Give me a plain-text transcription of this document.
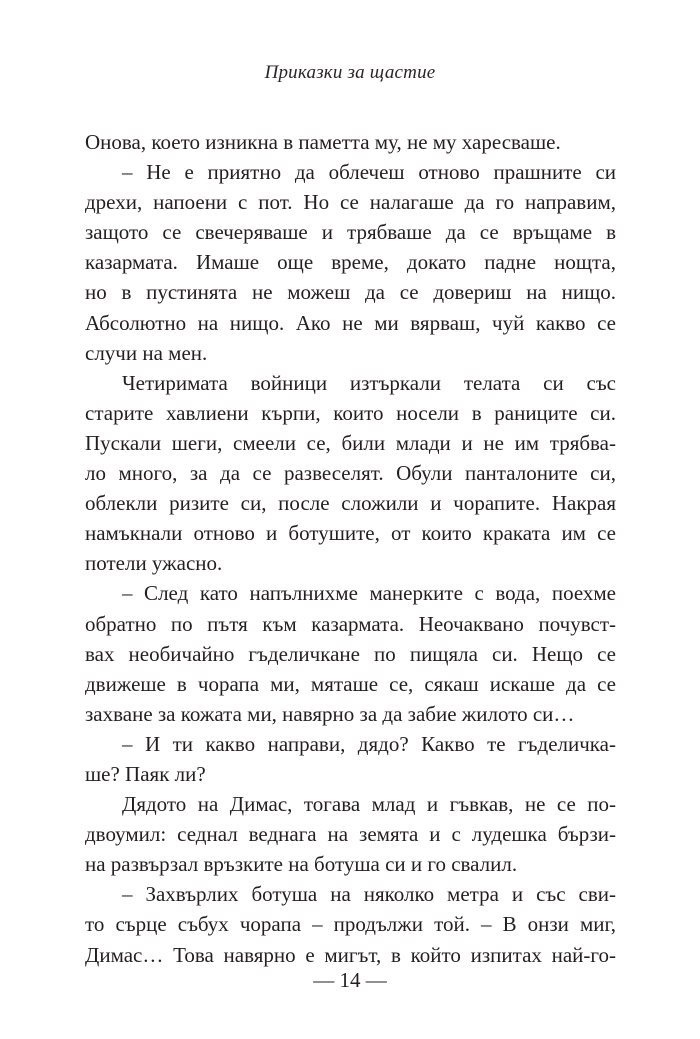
Приказки за щастие
Онова, което изникна в паметта му, не му харесваше.
– Не е приятно да облечеш отново прашните си
дрехи, напоени с пот. Но се налагаше да го направим,
защото се свечеряваше и трябваше да се връщаме в
казармата. Имаше още време, докато падне нощта,
но в пустинята не можеш да се довериш на нищо.
Абсолютно на нищо. Ако не ми вярваш, чуй какво се
случи на мен.
Четиримата войници изтъркали телата си със
старите хавлиени кърпи, които носели в раниците си.
Пускали шеги, смеели се, били млади и не им трябва-
ло много, за да се развеселят. Обули панталоните си,
облекли ризите си, после сложили и чорапите. Накрая
намъкнали отново и ботушите, от които краката им се
потели ужасно.
– След като напълнихме манерките с вода, поехме
обратно по пътя към казармата. Неочаквано почувст-
вах необичайно гъделичкане по пищяла си. Нещо се
движеше в чорапа ми, мяташе се, сякаш искаше да се
захване за кожата ми, навярно за да забие жилото си…
– И ти какво направи, дядо? Какво те гъделичка-
ше? Паяк ли?
Дядото на Димас, тогава млад и гъвкав, не се по-
двоумил: седнал веднага на земята и с лудешка бързи-
на развързал връзките на ботуша си и го свалил.
– Захвърлих ботуша на няколко метра и със сви-
то сърце събух чорапа – продължи той. – В онзи миг,
Димас… Това навярно е мигът, в който изпитах най-го-
— 14 —
